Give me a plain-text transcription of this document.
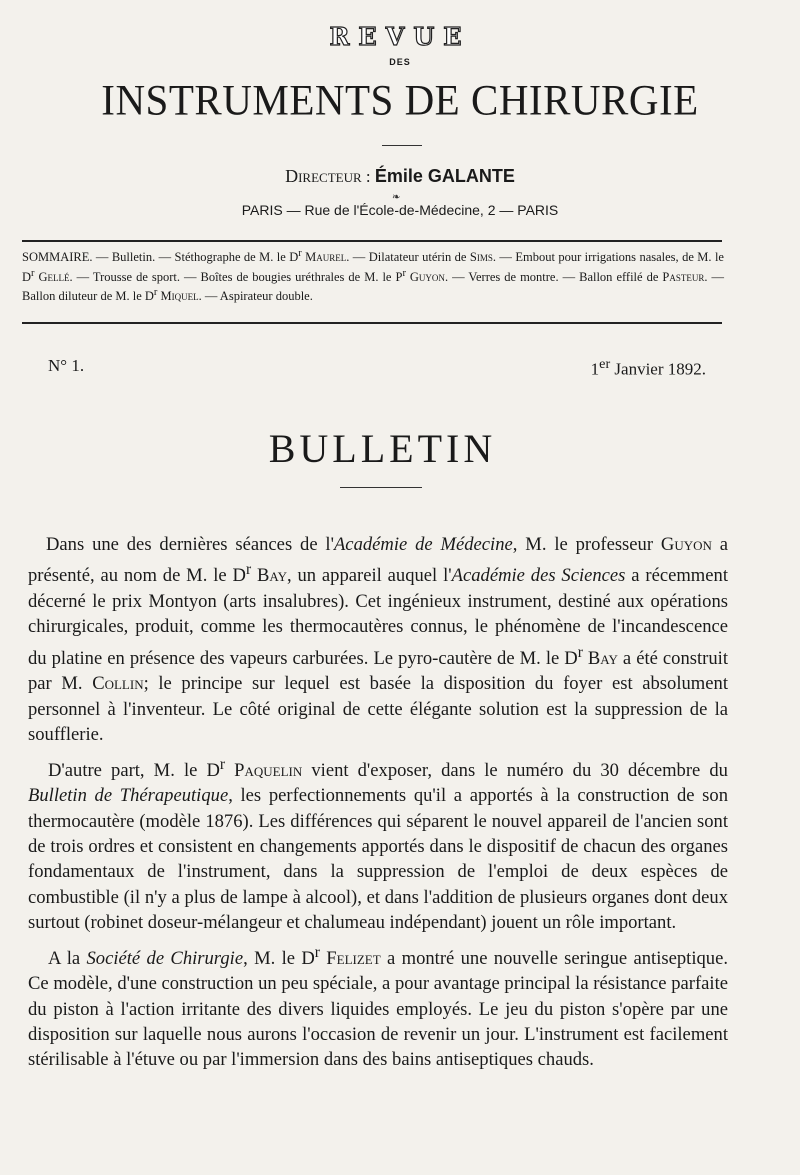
REVUE
DES
INSTRUMENTS DE CHIRURGIE
Directeur : Émile GALANTE
❧
PARIS — Rue de l'École-de-Médecine, 2 — PARIS
SOMMAIRE. — Bulletin. — Stéthographe de M. le $D^r$ Maurel. — Dilatateur utérin de Sims. — Embout pour irrigations nasales, de M. le $D^r$ Gellé. — Trousse de sport. — Boîtes de bougies uréthrales de M. le $P^r$ Guyon. — Verres de montre. — Ballon effilé de Pasteur. — Ballon diluteur de M. le $D^r$ Miquel. — Aspirateur double.
N° 1.	1er Janvier 1892.
BULLETIN

Dans une des dernières séances de l'Académie de Médecine, M. le professeur Guyon a présenté, au nom de M. le $D^r$ Bay, un appareil auquel l'Académie des Sciences a récemment décerné le prix Montyon (arts insalubres). Cet ingénieux instrument, destiné aux opérations chirurgicales, produit, comme les thermocautères connus, le phénomène de l'incandescence du platine en présence des vapeurs carburées. Le pyro-cautère de M. le $D^r$ Bay a été construit par M. Collin; le principe sur lequel est basée la disposition du foyer est absolument personnel à l'inventeur. Le côté original de cette élégante solution est la suppression de la soufflerie.

D'autre part, M. le $D^r$ Paquelin vient d'exposer, dans le numéro du 30 décembre du Bulletin de Thérapeutique, les perfectionnements qu'il a apportés à la construction de son thermocautère (modèle 1876). Les différences qui séparent le nouvel appareil de l'ancien sont de trois ordres et consistent en changements apportés dans le dispositif de chacun des organes fondamentaux de l'instrument, dans la suppression de l'emploi de deux espèces de combustible (il n'y a plus de lampe à alcool), et dans l'addition de plusieurs organes dont deux surtout (robinet doseur-mélangeur et chalumeau indépendant) jouent un rôle important.

A la Société de Chirurgie, M. le $D^r$ Felizet a montré une nouvelle seringue antiseptique. Ce modèle, d'une construction un peu spéciale, a pour avantage principal la résistance parfaite du piston à l'action irritante des divers liquides employés. Le jeu du piston s'opère par une disposition sur laquelle nous aurons l'occasion de revenir un jour. L'instrument est facilement stérilisable à l'étuve ou par l'immersion dans des bains antiseptiques chauds.
